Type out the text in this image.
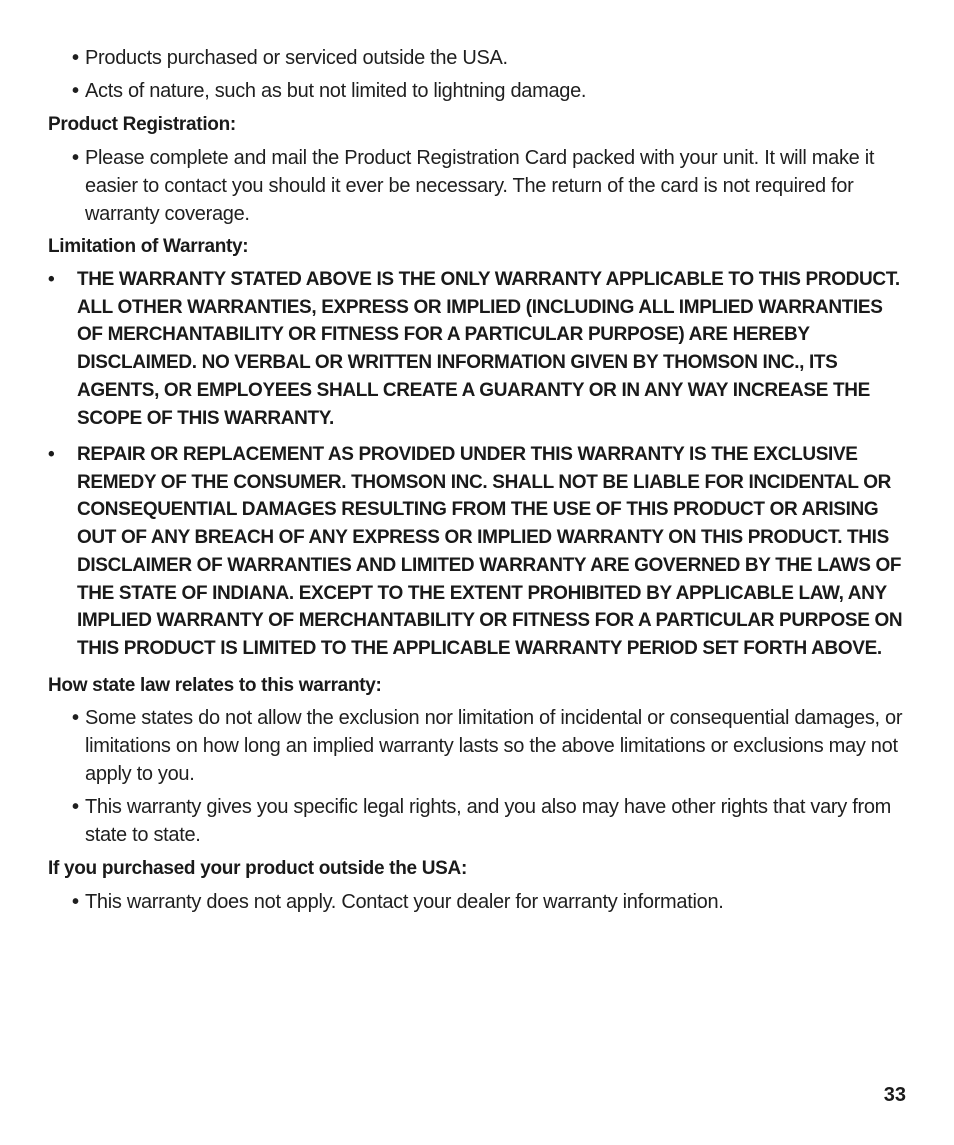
• Products purchased or serviced outside the USA.
• Acts of nature, such as but not limited to lightning damage.
Product Registration:
• Please complete and mail the Product Registration Card packed with your unit. It will make it easier to contact you should it ever be necessary. The return of the card is not required for warranty coverage.
Limitation of Warranty:
• THE WARRANTY STATED ABOVE IS THE ONLY WARRANTY APPLICABLE TO THIS PRODUCT. ALL OTHER WARRANTIES, EXPRESS OR IMPLIED (INCLUDING ALL IMPLIED WARRANTIES OF MERCHANTABILITY OR FITNESS FOR A PARTICULAR PURPOSE) ARE HEREBY DISCLAIMED. NO VERBAL OR WRITTEN INFORMATION GIVEN BY THOMSON INC., ITS AGENTS, OR EMPLOYEES SHALL CREATE A GUARANTY OR IN ANY WAY INCREASE THE SCOPE OF THIS WARRANTY.
• REPAIR OR REPLACEMENT AS PROVIDED UNDER THIS WARRANTY IS THE EXCLUSIVE REMEDY OF THE CONSUMER. THOMSON INC. SHALL NOT BE LIABLE FOR INCIDENTAL OR CONSEQUENTIAL DAMAGES RESULTING FROM THE USE OF THIS PRODUCT OR ARISING OUT OF ANY BREACH OF ANY EXPRESS OR IMPLIED WARRANTY ON THIS PRODUCT. THIS DISCLAIMER OF WARRANTIES AND LIMITED WARRANTY ARE GOVERNED BY THE LAWS OF THE STATE OF INDIANA. EXCEPT TO THE EXTENT PROHIBITED BY APPLICABLE LAW, ANY IMPLIED WARRANTY OF MERCHANTABILITY OR FITNESS FOR A PARTICULAR PURPOSE ON THIS PRODUCT IS LIMITED TO THE APPLICABLE WARRANTY PERIOD SET FORTH ABOVE.
How state law relates to this warranty:
• Some states do not allow the exclusion nor limitation of incidental or consequential damages, or limitations on how long an implied warranty lasts so the above limitations or exclusions may not apply to you.
• This warranty gives you specific legal rights, and you also may have other rights that vary from state to state.
If you purchased your product outside the USA:
• This warranty does not apply. Contact your dealer for warranty information.
33
